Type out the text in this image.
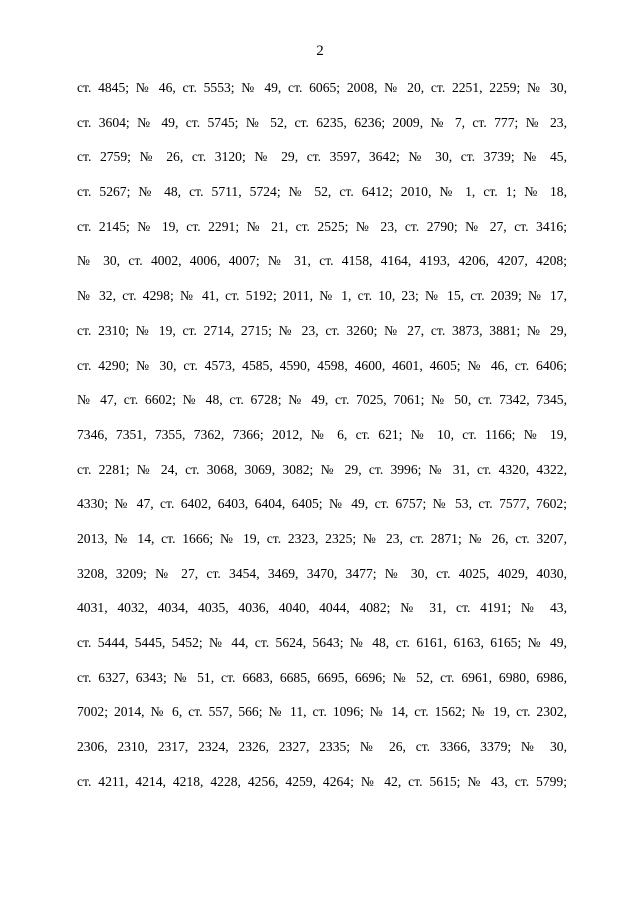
2
ст. 4845; № 46, ст. 5553; № 49, ст. 6065; 2008, № 20, ст. 2251, 2259; № 30,
ст. 3604; № 49, ст. 5745; № 52, ст. 6235, 6236; 2009, № 7, ст. 777; № 23,
ст. 2759; № 26, ст. 3120; № 29, ст. 3597, 3642; № 30, ст. 3739; № 45,
ст. 5267; № 48, ст. 5711, 5724; № 52, ст. 6412; 2010, № 1, ст. 1; № 18,
ст. 2145; № 19, ст. 2291; № 21, ст. 2525; № 23, ст. 2790; № 27, ст. 3416;
№ 30, ст. 4002, 4006, 4007; № 31, ст. 4158, 4164, 4193, 4206, 4207, 4208;
№ 32, ст. 4298; № 41, ст. 5192; 2011, № 1, ст. 10, 23; № 15, ст. 2039; № 17,
ст. 2310; № 19, ст. 2714, 2715; № 23, ст. 3260; № 27, ст. 3873, 3881; № 29,
ст. 4290; № 30, ст. 4573, 4585, 4590, 4598, 4600, 4601, 4605; № 46, ст. 6406;
№ 47, ст. 6602; № 48, ст. 6728; № 49, ст. 7025, 7061; № 50, ст. 7342, 7345,
7346, 7351, 7355, 7362, 7366; 2012, № 6, ст. 621; № 10, ст. 1166; № 19,
ст. 2281; № 24, ст. 3068, 3069, 3082; № 29, ст. 3996; № 31, ст. 4320, 4322,
4330; № 47, ст. 6402, 6403, 6404, 6405; № 49, ст. 6757; № 53, ст. 7577, 7602;
2013, № 14, ст. 1666; № 19, ст. 2323, 2325; № 23, ст. 2871; № 26, ст. 3207,
3208, 3209; № 27, ст. 3454, 3469, 3470, 3477; № 30, ст. 4025, 4029, 4030,
4031, 4032, 4034, 4035, 4036, 4040, 4044, 4082; № 31, ст. 4191; № 43,
ст. 5444, 5445, 5452; № 44, ст. 5624, 5643; № 48, ст. 6161, 6163, 6165; № 49,
ст. 6327, 6343; № 51, ст. 6683, 6685, 6695, 6696; № 52, ст. 6961, 6980, 6986,
7002; 2014, № 6, ст. 557, 566; № 11, ст. 1096; № 14, ст. 1562; № 19, ст. 2302,
2306, 2310, 2317, 2324, 2326, 2327, 2335; № 26, ст. 3366, 3379; № 30,
ст. 4211, 4214, 4218, 4228, 4256, 4259, 4264; № 42, ст. 5615; № 43, ст. 5799;
